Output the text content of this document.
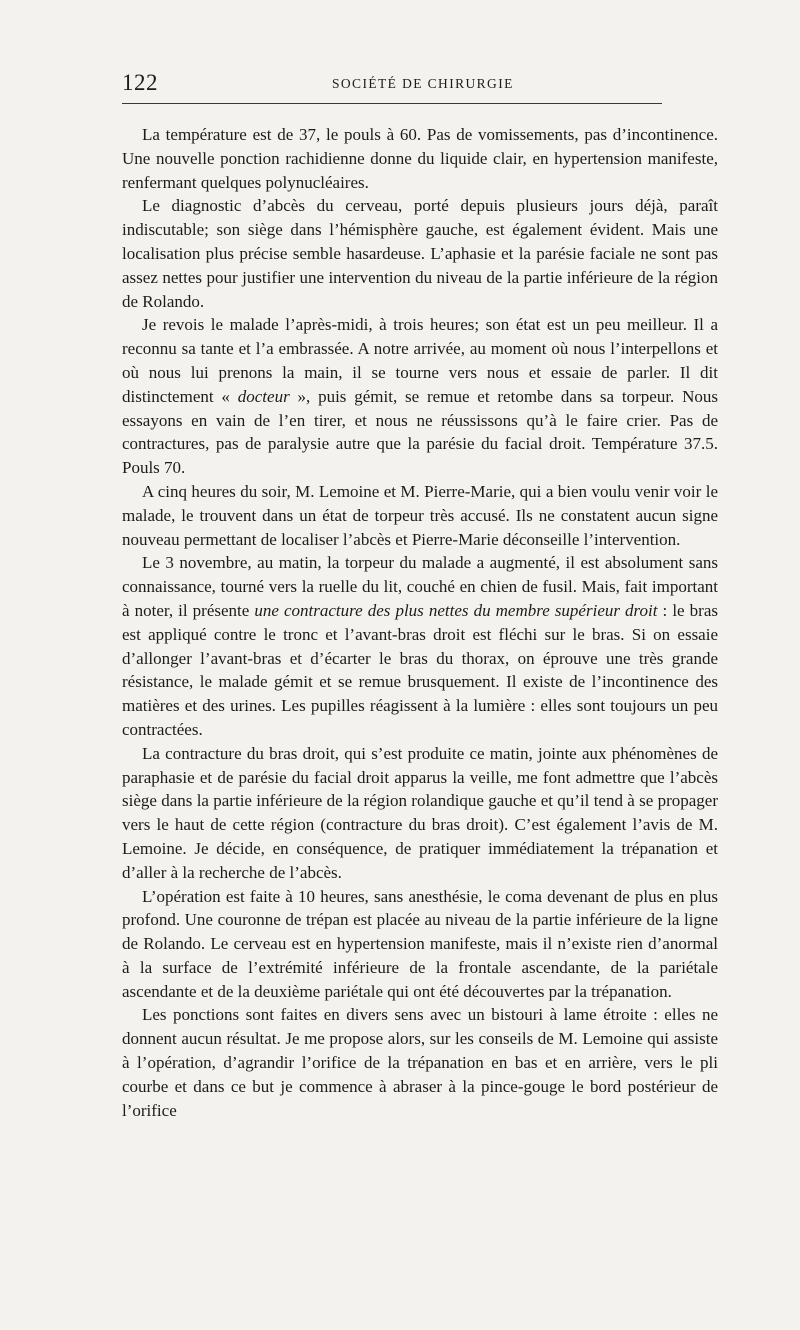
122	SOCIÉTÉ DE CHIRURGIE

La température est de 37, le pouls à 60. Pas de vomissements, pas d’incontinence. Une nouvelle ponction rachidienne donne du liquide clair, en hypertension manifeste, renfermant quelques polynucléaires.

Le diagnostic d’abcès du cerveau, porté depuis plusieurs jours déjà, paraît indiscutable; son siège dans l’hémisphère gauche, est également évident. Mais une localisation plus précise semble hasardeuse. L’aphasie et la parésie faciale ne sont pas assez nettes pour justifier une intervention du niveau de la partie inférieure de la région de Rolando.

Je revois le malade l’après-midi, à trois heures; son état est un peu meilleur. Il a reconnu sa tante et l’a embrassée. A notre arrivée, au moment où nous l’interpellons et où nous lui prenons la main, il se tourne vers nous et essaie de parler. Il dit distinctement « docteur », puis gémit, se remue et retombe dans sa torpeur. Nous essayons en vain de l’en tirer, et nous ne réussissons qu’à le faire crier. Pas de contractures, pas de paralysie autre que la parésie du facial droit. Température 37.5. Pouls 70.

A cinq heures du soir, M. Lemoine et M. Pierre-Marie, qui a bien voulu venir voir le malade, le trouvent dans un état de torpeur très accusé. Ils ne constatent aucun signe nouveau permettant de localiser l’abcès et Pierre-Marie déconseille l’intervention.

Le 3 novembre, au matin, la torpeur du malade a augmenté, il est absolument sans connaissance, tourné vers la ruelle du lit, couché en chien de fusil. Mais, fait important à noter, il présente une contracture des plus nettes du membre supérieur droit : le bras est appliqué contre le tronc et l’avant-bras droit est fléchi sur le bras. Si on essaie d’allonger l’avant-bras et d’écarter le bras du thorax, on éprouve une très grande résistance, le malade gémit et se remue brusquement. Il existe de l’incontinence des matières et des urines. Les pupilles réagissent à la lumière : elles sont toujours un peu contractées.

La contracture du bras droit, qui s’est produite ce matin, jointe aux phénomènes de paraphasie et de parésie du facial droit apparus la veille, me font admettre que l’abcès siège dans la partie inférieure de la région rolandique gauche et qu’il tend à se propager vers le haut de cette région (contracture du bras droit). C’est également l’avis de M. Lemoine. Je décide, en conséquence, de pratiquer immédiatement la trépanation et d’aller à la recherche de l’abcès.

L’opération est faite à 10 heures, sans anesthésie, le coma devenant de plus en plus profond. Une couronne de trépan est placée au niveau de la partie inférieure de la ligne de Rolando. Le cerveau est en hypertension manifeste, mais il n’existe rien d’anormal à la surface de l’extrémité inférieure de la frontale ascendante, de la pariétale ascendante et de la deuxième pariétale qui ont été découvertes par la trépanation.

Les ponctions sont faites en divers sens avec un bistouri à lame étroite : elles ne donnent aucun résultat. Je me propose alors, sur les conseils de M. Lemoine qui assiste à l’opération, d’agrandir l’orifice de la trépanation en bas et en arrière, vers le pli courbe et dans ce but je commence à abraser à la pince-gouge le bord postérieur de l’orifice
